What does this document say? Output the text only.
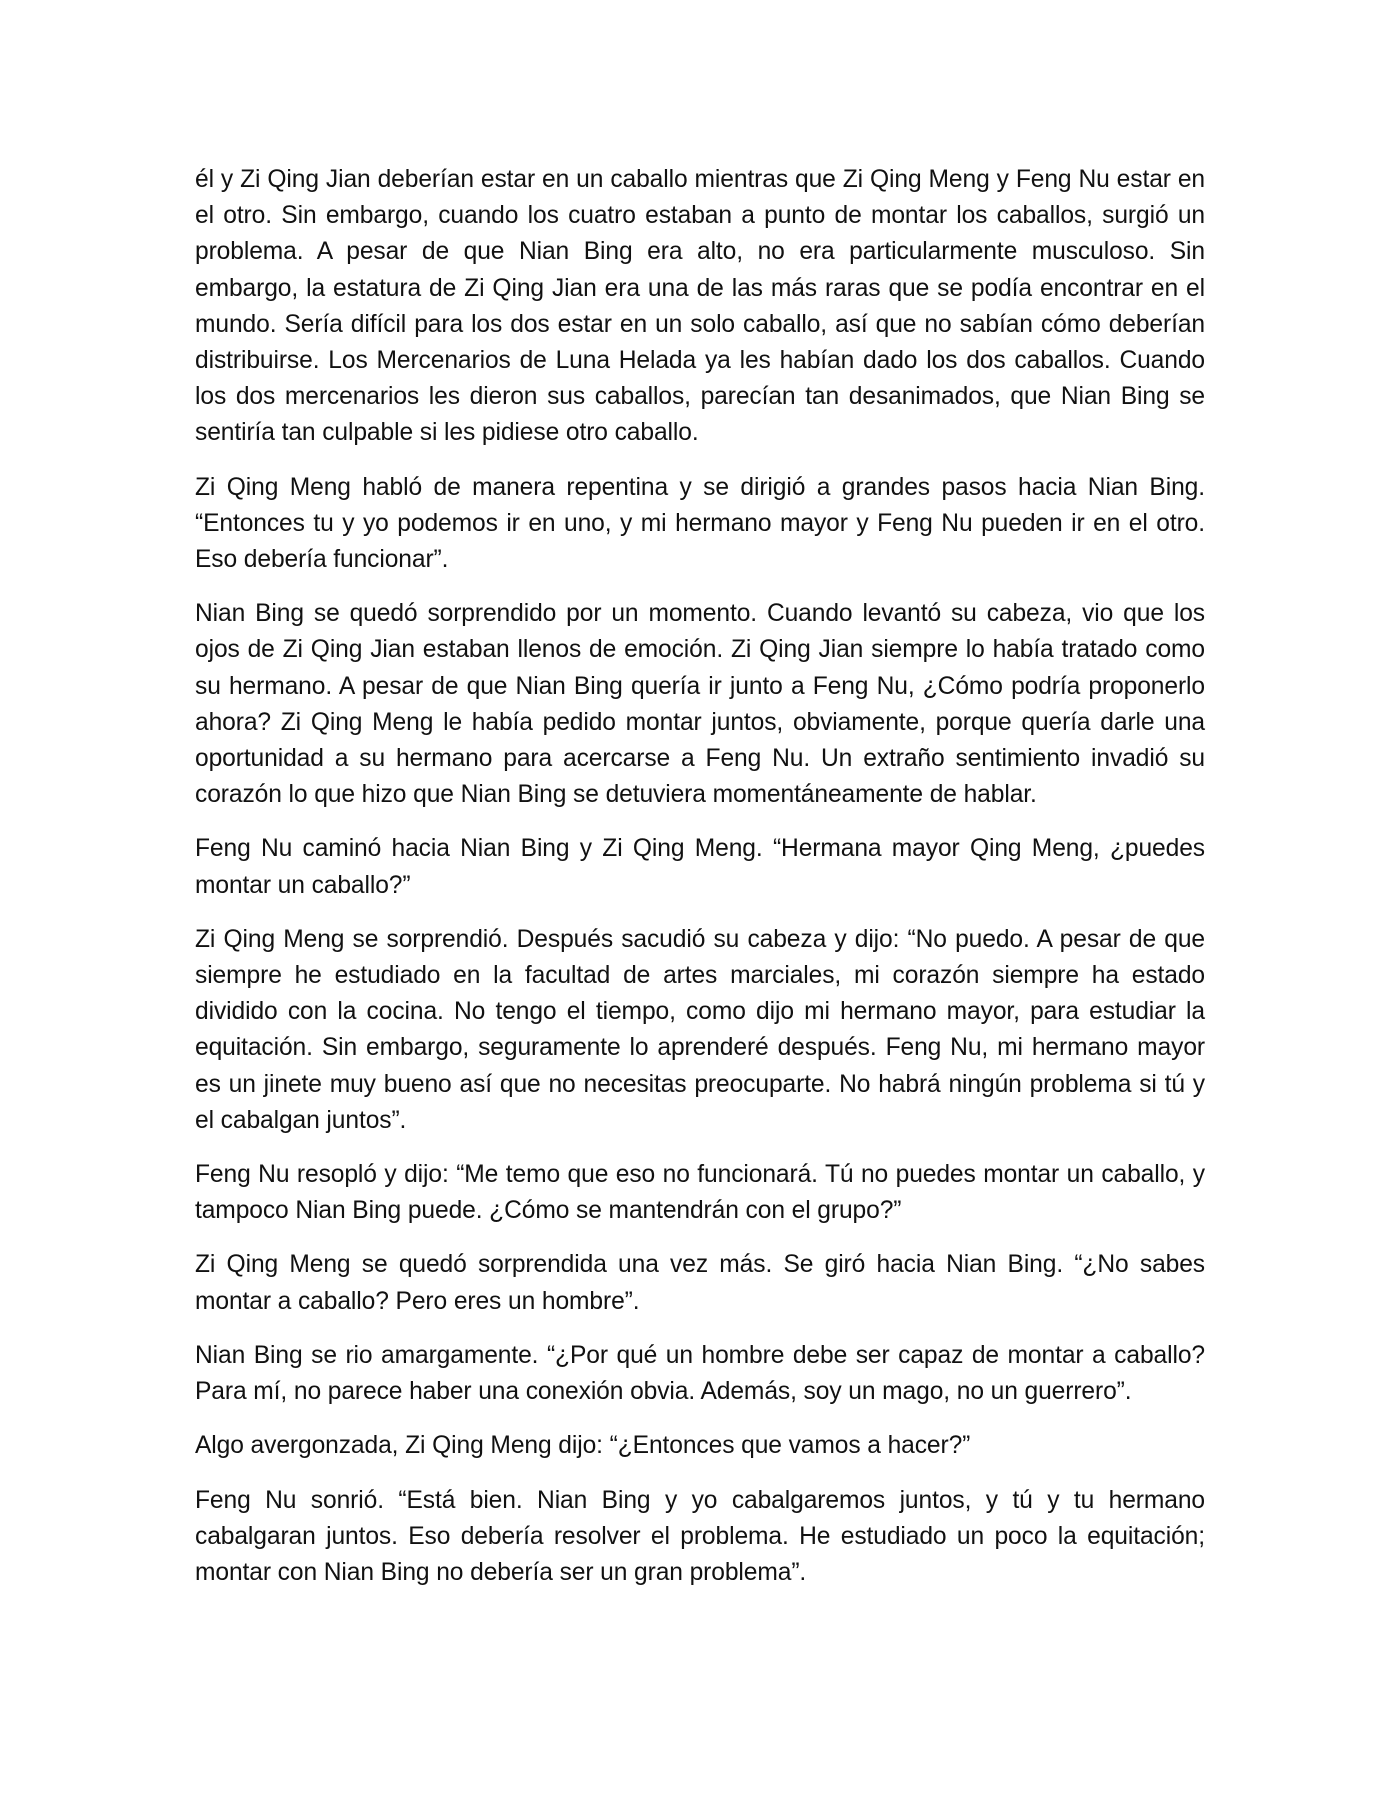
él y Zi Qing Jian deberían estar en un caballo mientras que Zi Qing Meng y Feng Nu estar en el otro. Sin embargo, cuando los cuatro estaban a punto de montar los caballos, surgió un problema. A pesar de que Nian Bing era alto, no era particularmente musculoso. Sin embargo, la estatura de Zi Qing Jian era una de las más raras que se podía encontrar en el mundo. Sería difícil para los dos estar en un solo caballo, así que no sabían cómo deberían distribuirse. Los Mercenarios de Luna Helada ya les habían dado los dos caballos. Cuando los dos mercenarios les dieron sus caballos, parecían tan desanimados, que Nian Bing se sentiría tan culpable si les pidiese otro caballo.

Zi Qing Meng habló de manera repentina y se dirigió a grandes pasos hacia Nian Bing. “Entonces tu y yo podemos ir en uno, y mi hermano mayor y Feng Nu pueden ir en el otro. Eso debería funcionar”.

Nian Bing se quedó sorprendido por un momento. Cuando levantó su cabeza, vio que los ojos de Zi Qing Jian estaban llenos de emoción. Zi Qing Jian siempre lo había tratado como su hermano. A pesar de que Nian Bing quería ir junto a Feng Nu, ¿Cómo podría proponerlo ahora? Zi Qing Meng le había pedido montar juntos, obviamente, porque quería darle una oportunidad a su hermano para acercarse a Feng Nu. Un extraño sentimiento invadió su corazón lo que hizo que Nian Bing se detuviera momentáneamente de hablar.

Feng Nu caminó hacia Nian Bing y Zi Qing Meng. “Hermana mayor Qing Meng, ¿puedes montar un caballo?”

Zi Qing Meng se sorprendió. Después sacudió su cabeza y dijo: “No puedo. A pesar de que siempre he estudiado en la facultad de artes marciales, mi corazón siempre ha estado dividido con la cocina. No tengo el tiempo, como dijo mi hermano mayor, para estudiar la equitación. Sin embargo, seguramente lo aprenderé después. Feng Nu, mi hermano mayor es un jinete muy bueno así que no necesitas preocuparte. No habrá ningún problema si tú y el cabalgan juntos”.

Feng Nu resopló y dijo: “Me temo que eso no funcionará. Tú no puedes montar un caballo, y tampoco Nian Bing puede. ¿Cómo se mantendrán con el grupo?”

Zi Qing Meng se quedó sorprendida una vez más. Se giró hacia Nian Bing. “¿No sabes montar a caballo? Pero eres un hombre”.

Nian Bing se rio amargamente. “¿Por qué un hombre debe ser capaz de montar a caballo? Para mí, no parece haber una conexión obvia. Además, soy un mago, no un guerrero”.

Algo avergonzada, Zi Qing Meng dijo: “¿Entonces que vamos a hacer?”

Feng Nu sonrió. “Está bien. Nian Bing y yo cabalgaremos juntos, y tú y tu hermano cabalgaran juntos. Eso debería resolver el problema. He estudiado un poco la equitación; montar con Nian Bing no debería ser un gran problema”.
